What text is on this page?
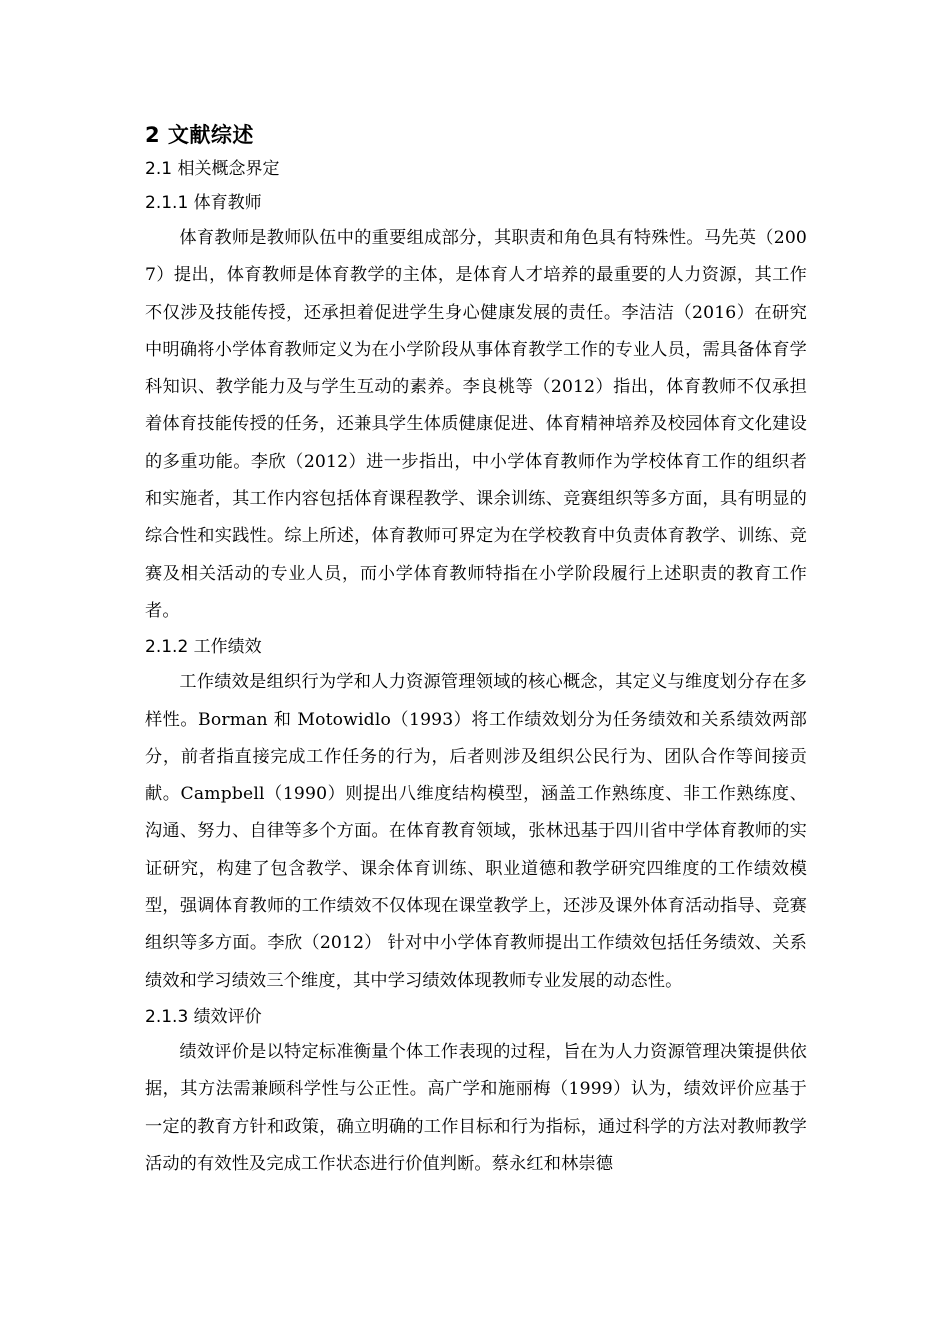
2 文献综述
2.1 相关概念界定
2.1.1 体育教师

体育教师是教师队伍中的重要组成部分，其职责和角色具有特殊性。马先英（2007）提出，体育教师是体育教学的主体，是体育人才培养的最重要的人力资源，其工作不仅涉及技能传授，还承担着促进学生身心健康发展的责任。李洁洁（2016）在研究中明确将小学体育教师定义为在小学阶段从事体育教学工作的专业人员，需具备体育学科知识、教学能力及与学生互动的素养。李良桃等（2012）指出，体育教师不仅承担着体育技能传授的任务，还兼具学生体质健康促进、体育精神培养及校园体育文化建设的多重功能。李欣（2012）进一步指出，中小学体育教师作为学校体育工作的组织者和实施者，其工作内容包括体育课程教学、课余训练、竞赛组织等多方面，具有明显的综合性和实践性。综上所述，体育教师可界定为在学校教育中负责体育教学、训练、竞赛及相关活动的专业人员，而小学体育教师特指在小学阶段履行上述职责的教育工作者。

2.1.2 工作绩效

工作绩效是组织行为学和人力资源管理领域的核心概念，其定义与维度划分存在多样性。Borman 和 Motowidlo（1993）将工作绩效划分为任务绩效和关系绩效两部分，前者指直接完成工作任务的行为，后者则涉及组织公民行为、团队合作等间接贡献。Campbell（1990）则提出八维度结构模型，涵盖工作熟练度、非工作熟练度、沟通、努力、自律等多个方面。在体育教育领域，张林迅基于四川省中学体育教师的实证研究，构建了包含教学、课余体育训练、职业道德和教学研究四维度的工作绩效模型，强调体育教师的工作绩效不仅体现在课堂教学上，还涉及课外体育活动指导、竞赛组织等多方面。李欣（2012） 针对中小学体育教师提出工作绩效包括任务绩效、关系绩效和学习绩效三个维度，其中学习绩效体现教师专业发展的动态性。

2.1.3 绩效评价

绩效评价是以特定标准衡量个体工作表现的过程，旨在为人力资源管理决策提供依据，其方法需兼顾科学性与公正性。高广学和施丽梅（1999）认为，绩效评价应基于一定的教育方针和政策，确立明确的工作目标和行为指标，通过科学的方法对教师教学活动的有效性及完成工作状态进行价值判断。蔡永红和林崇德
